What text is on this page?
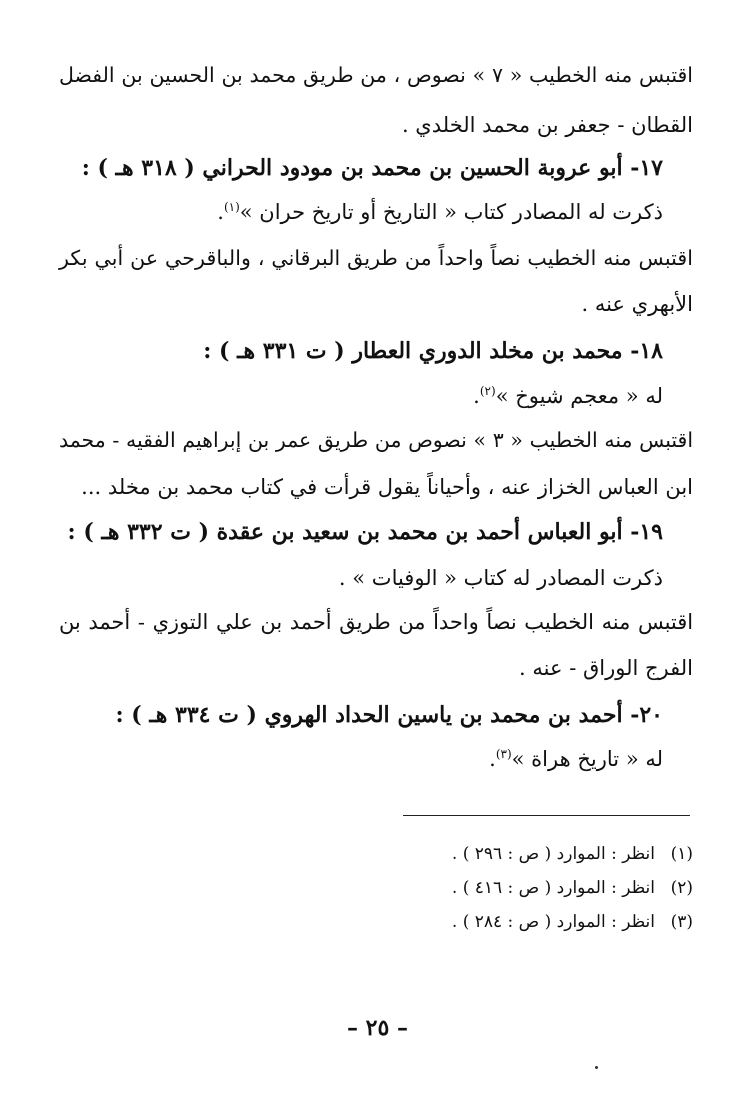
اقتبس منه الخطيب « ٧ » نصوص ، من طريق محمد بن الحسين بن الفضل
القطان - جعفر بن محمد الخلدي .
١٧- أبو عروبة الحسين بن محمد بن مودود الحراني ( ٣١٨ هـ ) :
ذكرت له المصادر كتاب « التاريخ أو تاريخ حران »$^{(١)}$.
اقتبس منه الخطيب نصاً واحداً من طريق البرقاني ، والباقرحي عن أبي بكر
الأبهري عنه .
١٨- محمد بن مخلد الدوري العطار ( ت ٣٣١ هـ ) :
له « معجم شيوخ »$^{(٢)}$.
اقتبس منه الخطيب « ٣ » نصوص من طريق عمر بن إبراهيم الفقيه - محمد
ابن العباس الخزاز عنه ، وأحياناً يقول قرأت في كتاب محمد بن مخلد ...
١٩- أبو العباس أحمد بن محمد بن سعيد بن عقدة ( ت ٣٣٢ هـ ) :
ذكرت المصادر له كتاب « الوفيات » .
اقتبس منه الخطيب نصاً واحداً من طريق أحمد بن علي التوزي - أحمد بن
الفرج الوراق - عنه .
٢٠- أحمد بن محمد بن ياسين الحداد الهروي ( ت ٣٣٤ هـ ) :
له « تاريخ هراة »$^{(٣)}$.
(١)انظر : الموارد ( ص : ٢٩٦ ) .
(٢)انظر : الموارد ( ص : ٤١٦ ) .
(٣)انظر : الموارد ( ص : ٢٨٤ ) .
– ٢٥ –
